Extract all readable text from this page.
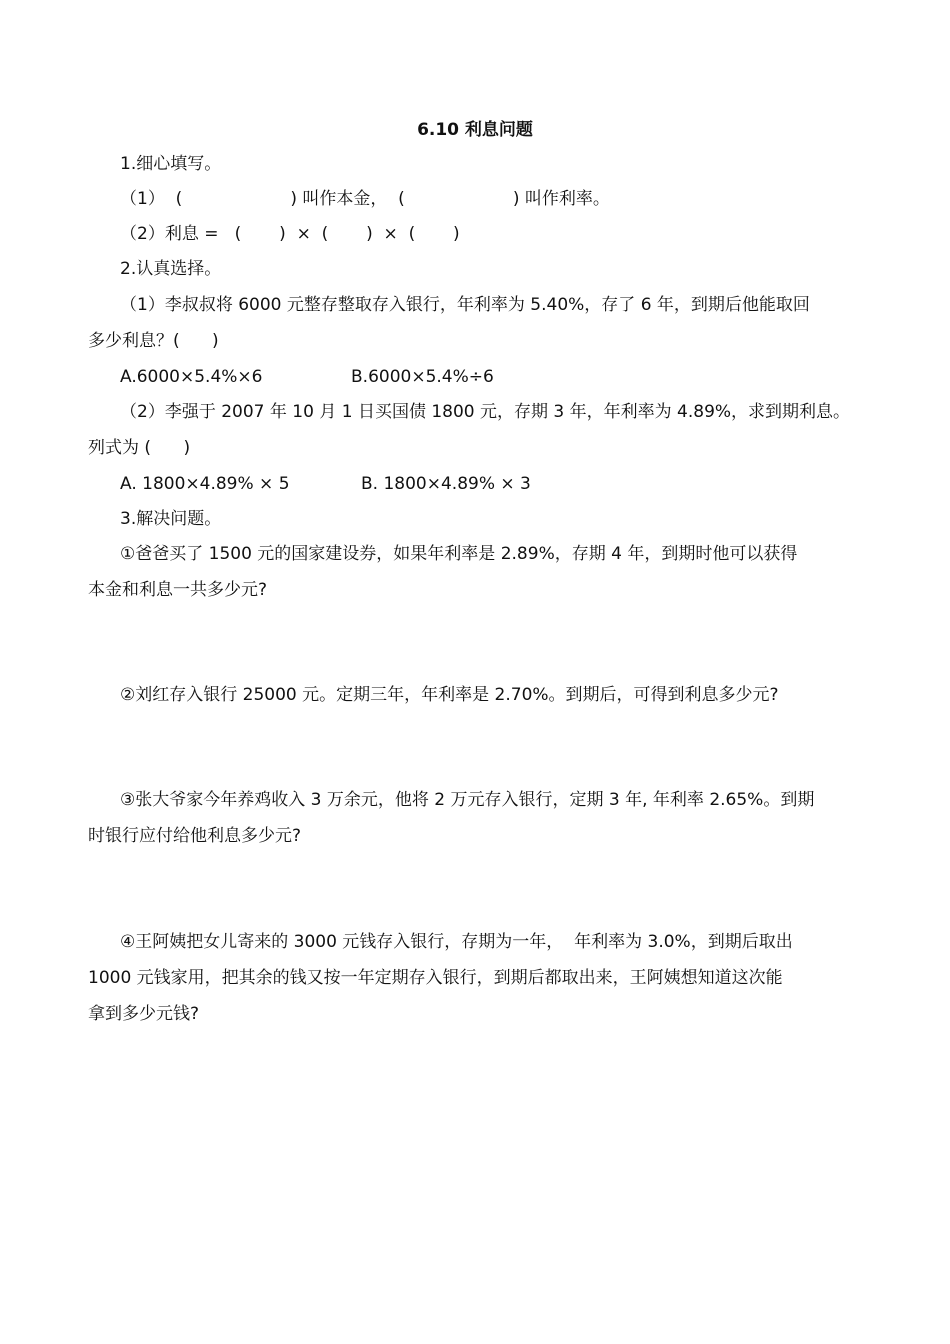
6.10 利息问题
1.细心填写。
（1）  (                    ) 叫作本金，  (                    ) 叫作利率。
（2）利息 =   (       )  ×  (       )  ×  (       )
2.认真选择。
（1）李叔叔将 6000 元整存整取存入银行，年利率为 5.40%，存了 6 年，到期后他能取回
多少利息？(      )
A.6000×5.4%×6	B.6000×5.4%÷6
（2）李强于 2007 年 10 月 1 日买国债 1800 元，存期 3 年，年利率为 4.89%，求到期利息。
列式为 (      )
A. 1800×4.89% × 5	B. 1800×4.89% × 3
3.解决问题。
①爸爸买了 1500 元的国家建设券，如果年利率是 2.89%，存期 4 年，到期时他可以获得
本金和利息一共多少元?
②刘红存入银行 25000 元。定期三年，年利率是 2.70%。到期后，可得到利息多少元?
③张大爷家今年养鸡收入 3 万余元，他将 2 万元存入银行，定期 3 年, 年利率 2.65%。到期
时银行应付给他利息多少元?
④王阿姨把女儿寄来的 3000 元钱存入银行，存期为一年，  年利率为 3.0%，到期后取出
1000 元钱家用，把其余的钱又按一年定期存入银行，到期后都取出来，王阿姨想知道这次能
拿到多少元钱?
